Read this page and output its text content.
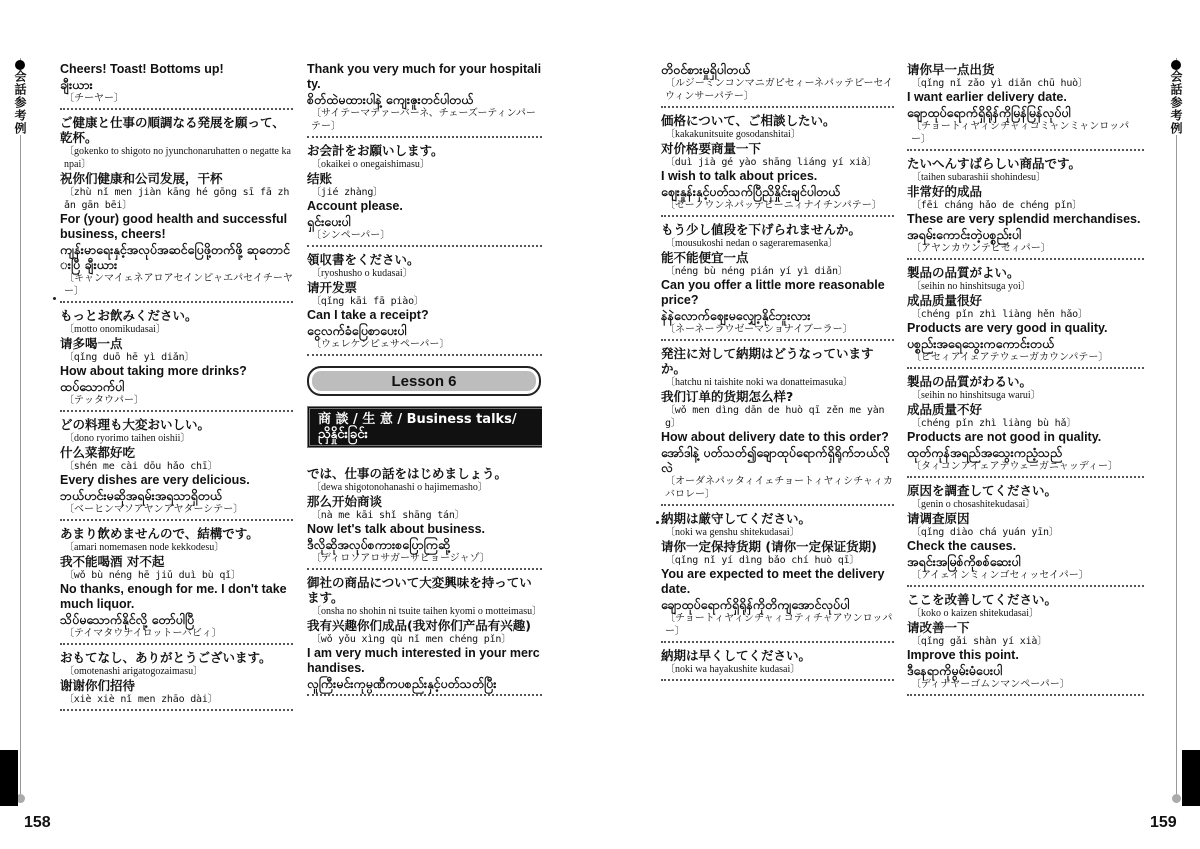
会話参考例	会話参考例
Cheers! Toast! Bottoms up!
ချီးယား
〔チーヤー〕
ご健康と仕事の順調なる発展を願って、乾杯。
〔gokenko to shigoto no jyunchonaruhatten o negatte kanpai〕
祝你们健康和公司发展，干杯
〔zhù nǐ men jiàn kāng hé gōng sī fā zhǎn gān bēi〕
For (your) good health and successful business, cheers!
ကျန်းမာရေးနှင့်အလုပ်အဆင်ပြေဖို့တက်ဖို့ ဆုတောင်းပြီ ချီးယား
〔キャンマイェネアロアセインピャエパセイチーヤー〕
もっとお飲みください。
〔motto onomikudasai〕
请多喝一点
〔qǐng duō hē yì diǎn〕
How about taking more drinks?
ထပ်သောက်ပါ
〔テッタウパー〕
どの料理も大変おいしい。
〔dono ryorimo taihen oishii〕
什么菜都好吃
〔shén me cài dōu hǎo chī〕
Every dishes are very delicious.
ဘယ်ဟင်းမဆိုအရမ်းအရသာရှိတယ်
〔ベーヒンマソアヤンアヤターシテー〕
あまり飲めませんので、結構です。
〔amari nomemasen node kekkodesu〕
我不能喝酒 对不起
〔wǒ bù néng hē jiǔ duì bù qǐ〕
No thanks, enough for me. I don't take much liquor.
သိပ်မသောက်နိုင်လို့ တော်ပါပြီ
〔テイマタウナイロットーバビィ〕
おもてなし、ありがとうございます。
〔omotenashi arigatogozaimasu〕
谢谢你们招待
〔xiè xiè nǐ men zhāo dài〕
Thank you very much for your hospitality.
စိတ်ထဲမထားပါနဲ့ ကျေးဇူးတင်ပါတယ်
〔サイテーマテァーバーネ、チェーズーティンパーテー〕
お会計をお願いします。
〔okaikei o onegaishimasu〕
结账
〔jié zhàng〕
Account please.
ရှင်းပေးပါ
〔シンペーパー〕
領収書をください。
〔ryoshusho o kudasai〕
请开发票
〔qǐng kāi fā piào〕
Can I take a receipt?
ငွေလက်ခံပြေစာပေးပါ
〔ウェレケンピェサペーパー〕
Lesson 6
商 談 / 生 意 / Business talks/
ညှိနှိုင်းခြင်း
では、仕事の話をはじめましょう。
〔dewa shigotonohanashi o hajimemasho〕
那么开始商谈
〔nà me kāi shǐ shāng tán〕
Now let's talk about business.
ဒီလိုဆိုအလုပ်စကားစပြောကြဆို့
〔ディロソアロサガーサピョージャゾ〕
御社の商品について大変興味を持っています。
〔onsha no shohin ni tsuite taihen kyomi o motteimasu〕
我有兴趣你们成品(我对你们产品有兴趣)
〔wǒ yǒu xìng qù nǐ men chéng pǐn〕
I am very much interested in your merchandises.
လူကြီးမင်းကုမ္ပဏီကပစည်းနှင့်ပတ်သတ်ပြီး
တိဝင်စားမှုရှိပါတယ်
〔ルジーミンコンマニガピセィーネパッテピーセイウィンサーパテー〕
価格について、ご相談したい。
〔kakakunitsuite gosodanshitai〕
对价格要商量一下
〔duì jià gé yào shāng liáng yí xià〕
I wish to talk about prices.
ဈေးနှုန်းနှင့်ပတ်သက်ပြီညှိနှိုင်းချင်ပါတယ်
〔ゼーノウンネパッテピーニィナイチンパテー〕
もう少し値段を下げられませんか。
〔mousukoshi nedan o sageraremasenka〕
能不能便宜一点
〔néng bù néng pián yí yì diǎn〕
Can you offer a little more reasonable price?
နဲနဲလောက်ဈေးမလျှော့နိုင်ဘူးလား
〔ネーネーラウゼーマショナイブーラー〕
発注に対して納期はどうなっていますか。
〔hatchu ni taishite noki wa donatteimasuka〕
我们订单的货期怎么样?
〔wǒ men dìng dān de huò qī zěn me yàng〕
How about delivery date to this order?
အော်ဒါနဲ့ ပတ်သတ်၍ချောထုပ်ရောက်ရှိရိုက်ဘယ်လိုလဲ
〔オーダネパッタィイェチョートィヤィシチャィカバロレー〕
納期は厳守してください。
〔noki wa genshu shitekudasai〕
请你一定保持货期 (请你一定保证货期)
〔qǐng nǐ yí dìng bǎo chí huò qī〕
You are expected to meet the delivery date.
ချောထုပ်ရောက်ရှိရိုန်ကိုတိကျအောင်လုပ်ပါ
〔チョートィヤィシチャィコティチャアウンロッパー〕
納期は早くしてください。
〔noki wa hayakushite kudasai〕
请你早一点出货
〔qǐng nǐ zǎo yì diǎn chū huò〕
I want earlier delivery date.
ချောထုပ်ရောက်ရှိရိုန်ကိုမြန်မြန်လုပ်ပါ
〔チョートィヤィシチャィコミャンミャンロッパー〕
たいへんすばらしい商品です。
〔taihen subarashii shohindesu〕
非常好的成品
〔fēi cháng hǎo de chéng pǐn〕
These are very splendid merchandises.
အရမ်းကောင်းတဲ့ပစ္စည်းပါ
〔アヤンカウンテピセィパー〕
製品の品質がよい。
〔seihin no hinshitsuga yoi〕
成品质量很好
〔chéng pǐn zhì liàng hěn hǎo〕
Products are very good in quality.
ပစ္စည်းအရေသွေးကကောင်းတယ်
〔ピセィアイェアテウェーガカウンパテー〕
製品の品質がわるい。
〔seihin no hinshitsuga warui〕
成品质量不好
〔chéng pǐn zhì liàng bù hǎ〕
Products are not good in quality.
ထုတ်ကုန်အရည်အသွေးကညံ့သည်
〔タィコンアイェアテウェーガニャッディー〕
原因を調査してください。
〔genin o chosashitekudasai〕
请调查原因
〔qǐng diào chá yuán yīn〕
Check the causes.
အရင်းအမြစ်ကိုစစ်ဆေးပါ
〔アイェインミィンゴセィッセイパー〕
ここを改善してください。
〔koko o kaizen shitekudasai〕
请改善一下
〔qǐng gǎi shàn yí xià〕
Improve this point.
ဒီနေရာကိုမွမ်းမံပေးပါ
〔ディナヤーゴムンマンペーパー〕
158	159
